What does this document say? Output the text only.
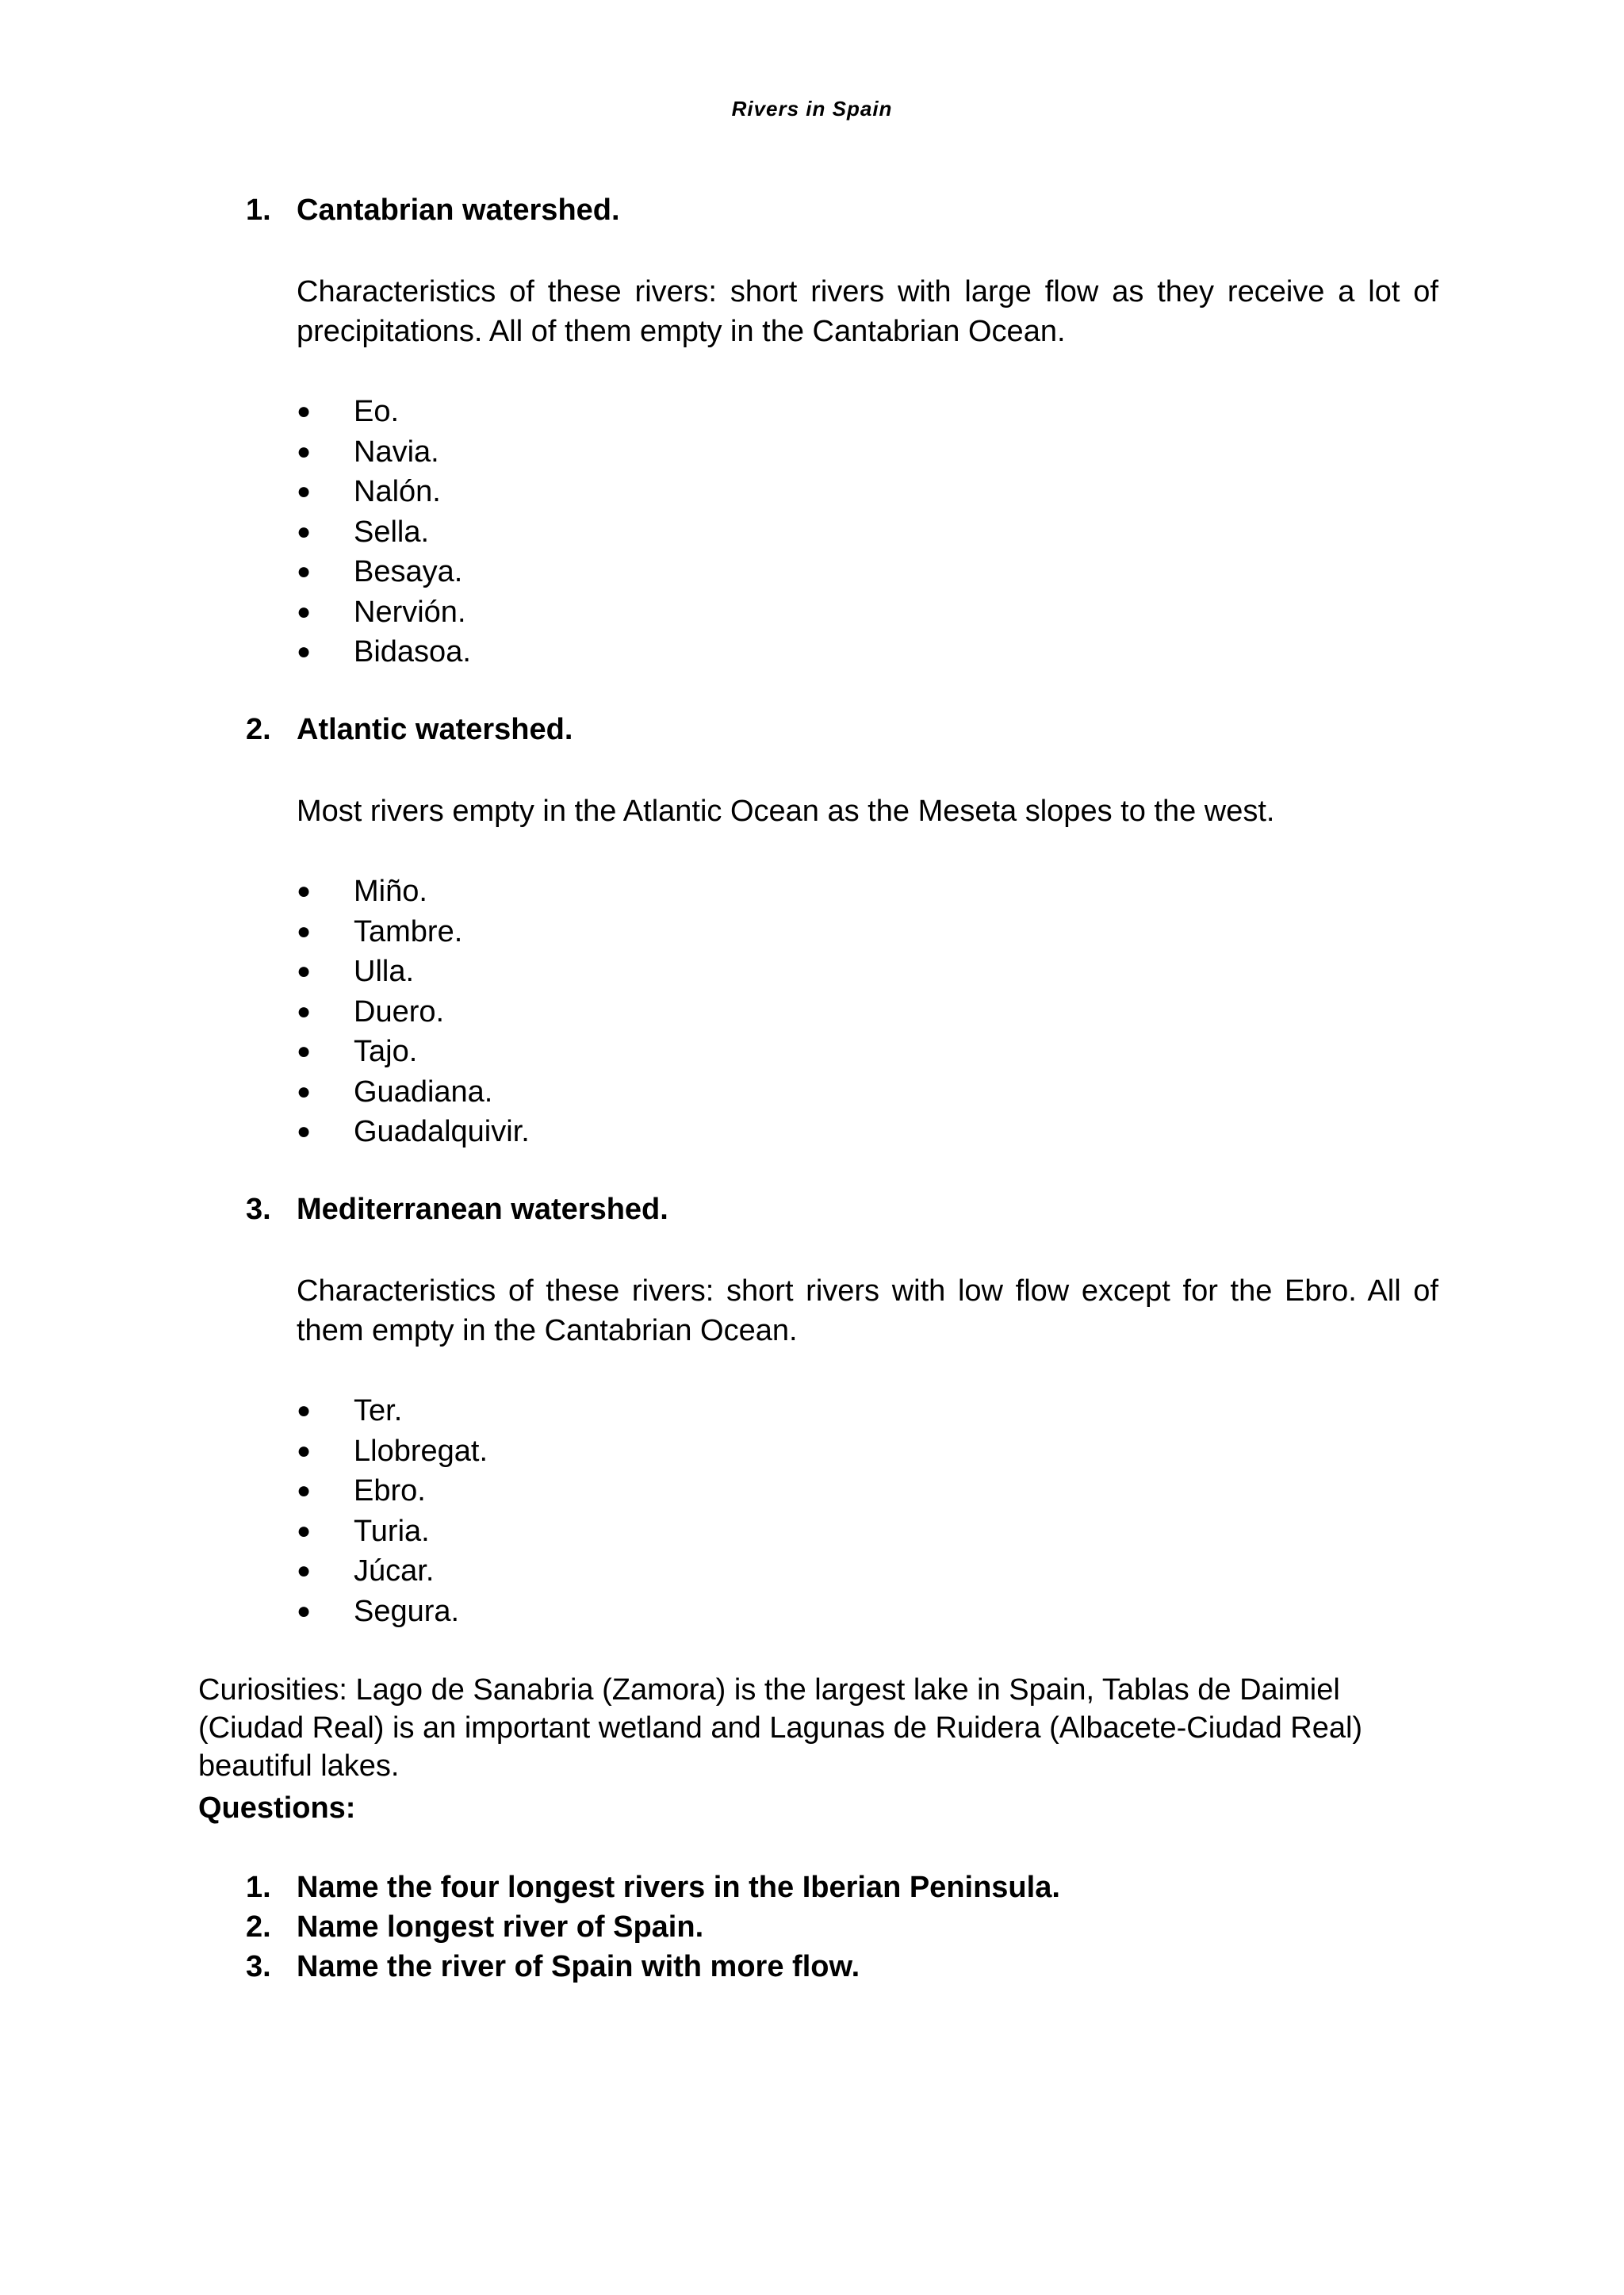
Rivers in Spain
1. Cantabrian watershed.
Characteristics of these rivers: short rivers with large flow as they receive a lot of precipitations. All of them empty in the Cantabrian Ocean.
● Eo.
● Navia.
● Nalón.
● Sella.
● Besaya.
● Nervión.
● Bidasoa.
2. Atlantic watershed.
Most rivers empty in the Atlantic Ocean as the Meseta slopes to the west.
● Miño.
● Tambre.
● Ulla.
● Duero.
● Tajo.
● Guadiana.
● Guadalquivir.
3. Mediterranean watershed.
Characteristics of these rivers: short rivers with low flow except for the Ebro. All of them empty in the Cantabrian Ocean.
● Ter.
● Llobregat.
● Ebro.
● Turia.
● Júcar.
● Segura.
Curiosities: Lago de Sanabria (Zamora) is the largest lake in Spain, Tablas de Daimiel (Ciudad Real) is an important wetland and Lagunas de Ruidera (Albacete-Ciudad Real) beautiful lakes.
Questions:
1. Name the four longest rivers in the Iberian Peninsula.
2. Name longest river of Spain.
3. Name the river of Spain with more flow.
